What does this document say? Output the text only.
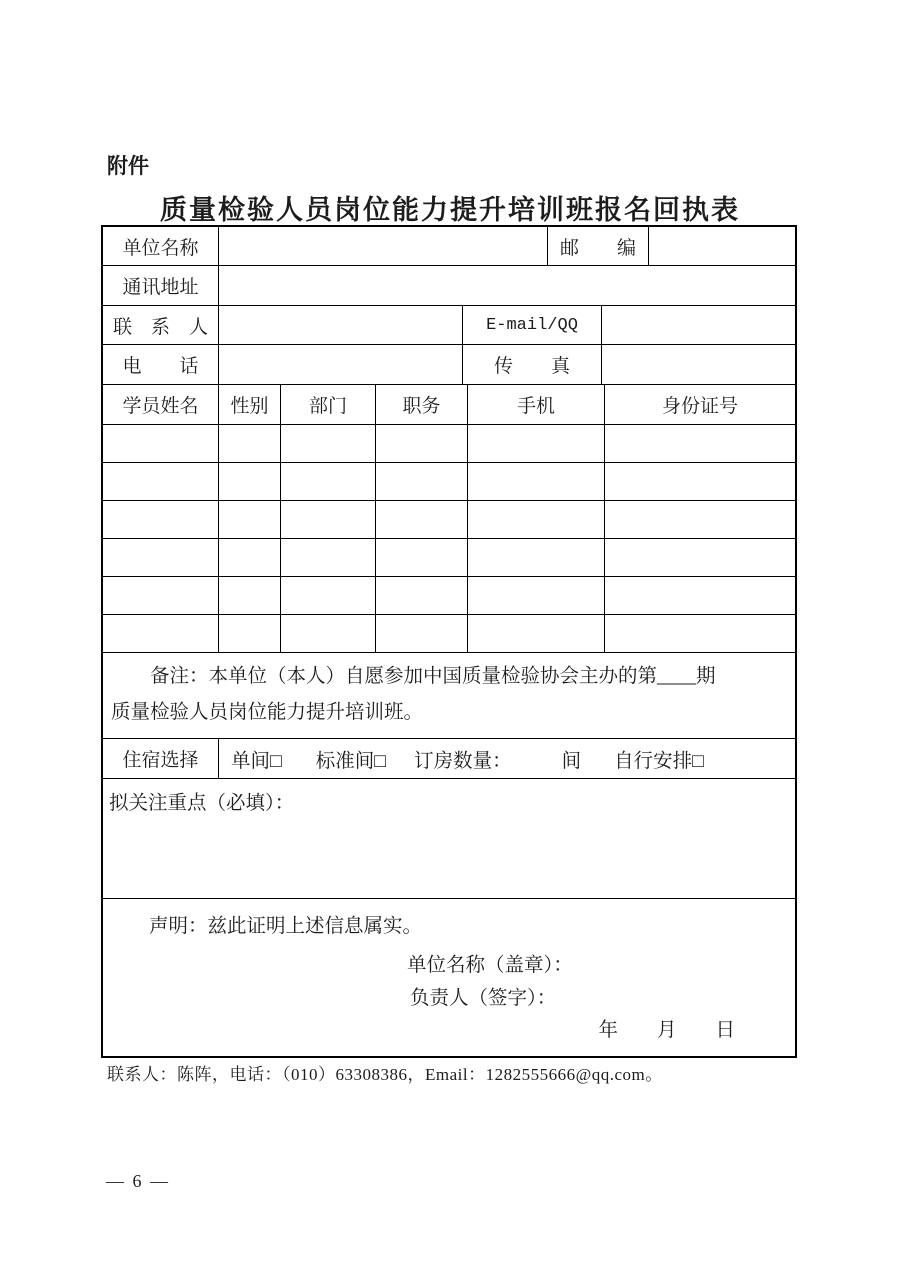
附件
质量检验人员岗位能力提升培训班报名回执表
单位名称	邮　　编
通讯地址
联　系　人	E-mail/QQ
电　　话	传　　真
学员姓名	性别	部门	职务	手机	身份证号
备注：本单位（本人）自愿参加中国质量检验协会主办的第____期
质量检验人员岗位能力提升培训班。
住宿选择	单间□ 标准间□ 订房数量：	间 自行安排□
拟关注重点（必填）：
声明：兹此证明上述信息属实。
单位名称（盖章）：
负责人（签字）：
年　　月　　日
联系人：陈阵，电话：（010）63308386，Email：1282555666@qq.com。
— 6 —
